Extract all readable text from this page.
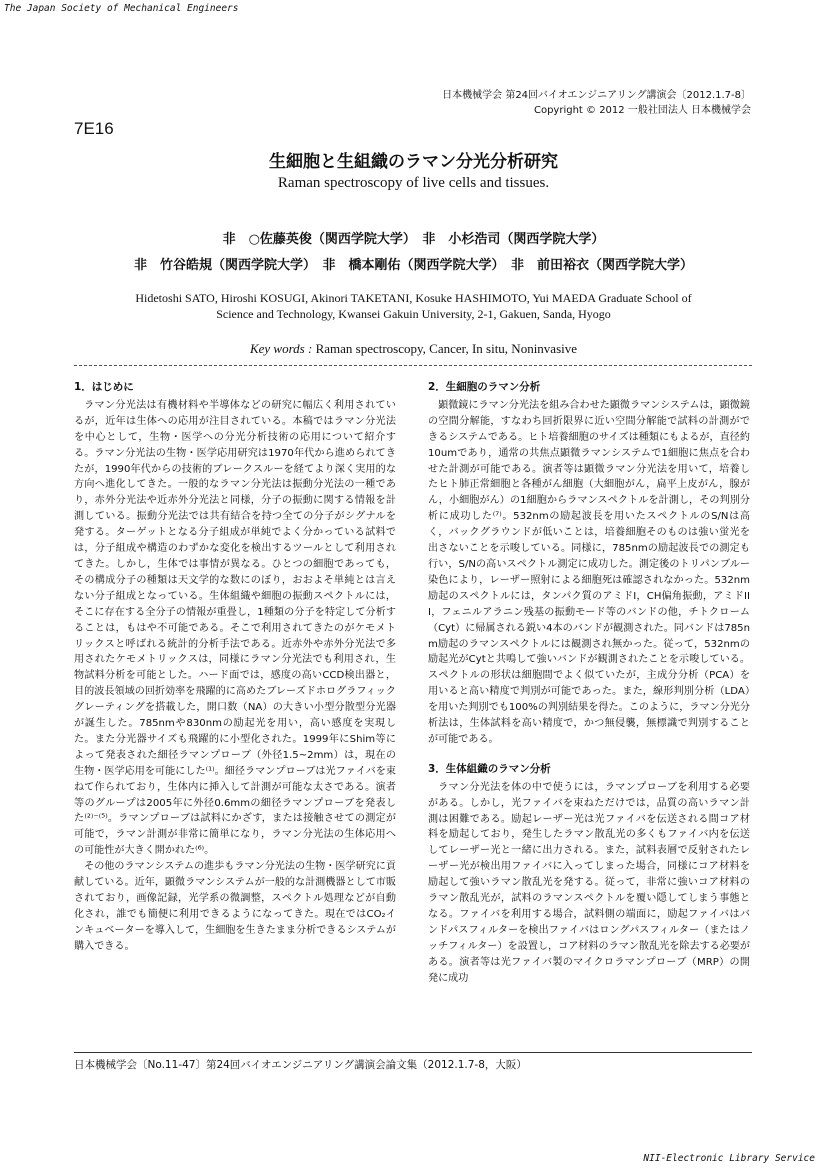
The Japan Society of Mechanical Engineers
日本機械学会 第24回バイオエンジニアリング講演会〔2012.1.7-8〕
Copyright © 2012 一般社団法人 日本機械学会
7E16
生細胞と生組織のラマン分光分析研究
Raman spectroscopy of live cells and tissues.
非　○佐藤英俊（関西学院大学）　非　小杉浩司（関西学院大学）
非　竹谷皓規（関西学院大学）　非　橋本剛佑（関西学院大学）　非　前田裕衣（関西学院大学）
Hidetoshi SATO, Hiroshi KOSUGI, Akinori TAKETANI, Kosuke HASHIMOTO, Yui MAEDA Graduate School of
Science and Technology, Kwansei Gakuin University, 2-1, Gakuen, Sanda, Hyogo
Key words : Raman spectroscopy, Cancer, In situ, Noninvasive
1．はじめに

ラマン分光法は有機材料や半導体などの研究に幅広く利用されているが，近年は生体への応用が注目されている。本稿ではラマン分光法を中心として，生物・医学への分光分析技術の応用について紹介する。ラマン分光法の生物・医学応用研究は1970年代から進められてきたが，1990年代からの技術的ブレークスルーを経てより深く実用的な方向へ進化してきた。一般的なラマン分光法は振動分光法の一種であり，赤外分光法や近赤外分光法と同様，分子の振動に関する情報を計測している。振動分光法では共有結合を持つ全ての分子がシグナルを発する。ターゲットとなる分子組成が単純でよく分かっている試料では，分子組成や構造のわずかな変化を検出するツールとして利用されてきた。しかし，生体では事情が異なる。ひとつの細胞であっても，その構成分子の種類は天文学的な数にのぼり，おおよそ単純とは言えない分子組成となっている。生体組織や細胞の振動スペクトルには，そこに存在する全分子の情報が重畳し，1種類の分子を特定して分析することは，もはや不可能である。そこで利用されてきたのがケモメトリックスと呼ばれる統計的分析手法である。近赤外や赤外分光法で多用されたケモメトリックスは，同様にラマン分光法でも利用され，生物試料分析を可能とした。ハード面では，感度の高いCCD検出器と，目的波長領域の回折効率を飛躍的に高めたブレーズドホログラフィックグレーティングを搭載した，開口数（NA）の大きい小型分散型分光器が誕生した。785nmや830nmの励起光を用い，高い感度を実現した。また分光器サイズも飛躍的に小型化された。1999年にShim等によって発表された細径ラマンプローブ（外径1.5~2mm）は，現在の生物・医学応用を可能にした⁽¹⁾。細径ラマンプローブは光ファイバを束ねて作られており，生体内に挿入して計測が可能な太さである。演者等のグループは2005年に外径0.6mmの細径ラマンプローブを発表した⁽²⁾⁻⁽⁵⁾。ラマンプローブは試料にかざす，または接触させての測定が可能で，ラマン計測が非常に簡単になり，ラマン分光法の生体応用への可能性が大きく開かれた⁽⁶⁾。

その他のラマンシステムの進歩もラマン分光法の生物・医学研究に貢献している。近年，顕微ラマンシステムが一般的な計測機器として市販されており，画像記録，光学系の微調整，スペクトル処理などが自動化され，誰でも簡便に利用できるようになってきた。現在ではCO₂インキュベーターを導入して，生細胞を生きたまま分析できるシステムが購入できる。

2．生細胞のラマン分析

顕微鏡にラマン分光法を組み合わせた顕微ラマンシステムは，顕微鏡の空間分解能，すなわち回折限界に近い空間分解能で試料の計測ができるシステムである。ヒト培養細胞のサイズは種類にもよるが，直径約10umであり，通常の共焦点顕微ラマンシステムで1細胞に焦点を合わせた計測が可能である。演者等は顕微ラマン分光法を用いて，培養したヒト肺正常細胞と各種がん細胞（大細胞がん，扁平上皮がん，腺がん，小細胞がん）の1細胞からラマンスペクトルを計測し，その判別分析に成功した⁽⁷⁾。532nmの励起波長を用いたスペクトルのS/Nは高く，バックグラウンドが低いことは，培養細胞そのものは強い蛍光を出さないことを示唆している。同様に，785nmの励起波長での測定も行い，S/Nの高いスペクトル測定に成功した。測定後のトリパンブルー染色により，レーザー照射による細胞死は確認されなかった。532nm励起のスペクトルには，タンパク質のアミドI，CH偏角振動，アミドIII，フェニルアラニン残基の振動モード等のバンドの他，チトクローム（Cyt）に帰属される鋭い4本のバンドが観測された。同バンドは785nm励起のラマンスペクトルには観測され無かった。従って，532nmの励起光がCytと共鳴して強いバンドが観測されたことを示唆している。スペクトルの形状は細胞間でよく似ていたが，主成分分析（PCA）を用いると高い精度で判別が可能であった。また，線形判別分析（LDA）を用いた判別でも100%の判別結果を得た。このように，ラマン分光分析法は，生体試料を高い精度で，かつ無侵襲，無標識で判別することが可能である。

3．生体組織のラマン分析

ラマン分光法を体の中で使うには，ラマンプローブを利用する必要がある。しかし，光ファイバを束ねただけでは，品質の高いラマン計測は困難である。励起レーザー光は光ファイバを伝送される間コア材料を励起しており，発生したラマン散乱光の多くもファイバ内を伝送してレーザー光と一緒に出力される。また，試料表層で反射されたレーザー光が検出用ファイバに入ってしまった場合，同様にコア材料を励起して強いラマン散乱光を発する。従って，非常に強いコア材料のラマン散乱光が，試料のラマンスペクトルを覆い隠してしまう事態となる。ファイバを利用する場合，試料側の端面に，励起ファイバはバンドパスフィルターを検出ファイバはロングパスフィルター（またはノッチフィルター）を設置し，コア材料のラマン散乱光を除去する必要がある。演者等は光ファイバ製のマイクロラマンプローブ（MRP）の開発に成功

日本機械学会〔No.11-47〕第24回バイオエンジニアリング講演会論文集（2012.1.7-8，大阪）
NII-Electronic Library Service
